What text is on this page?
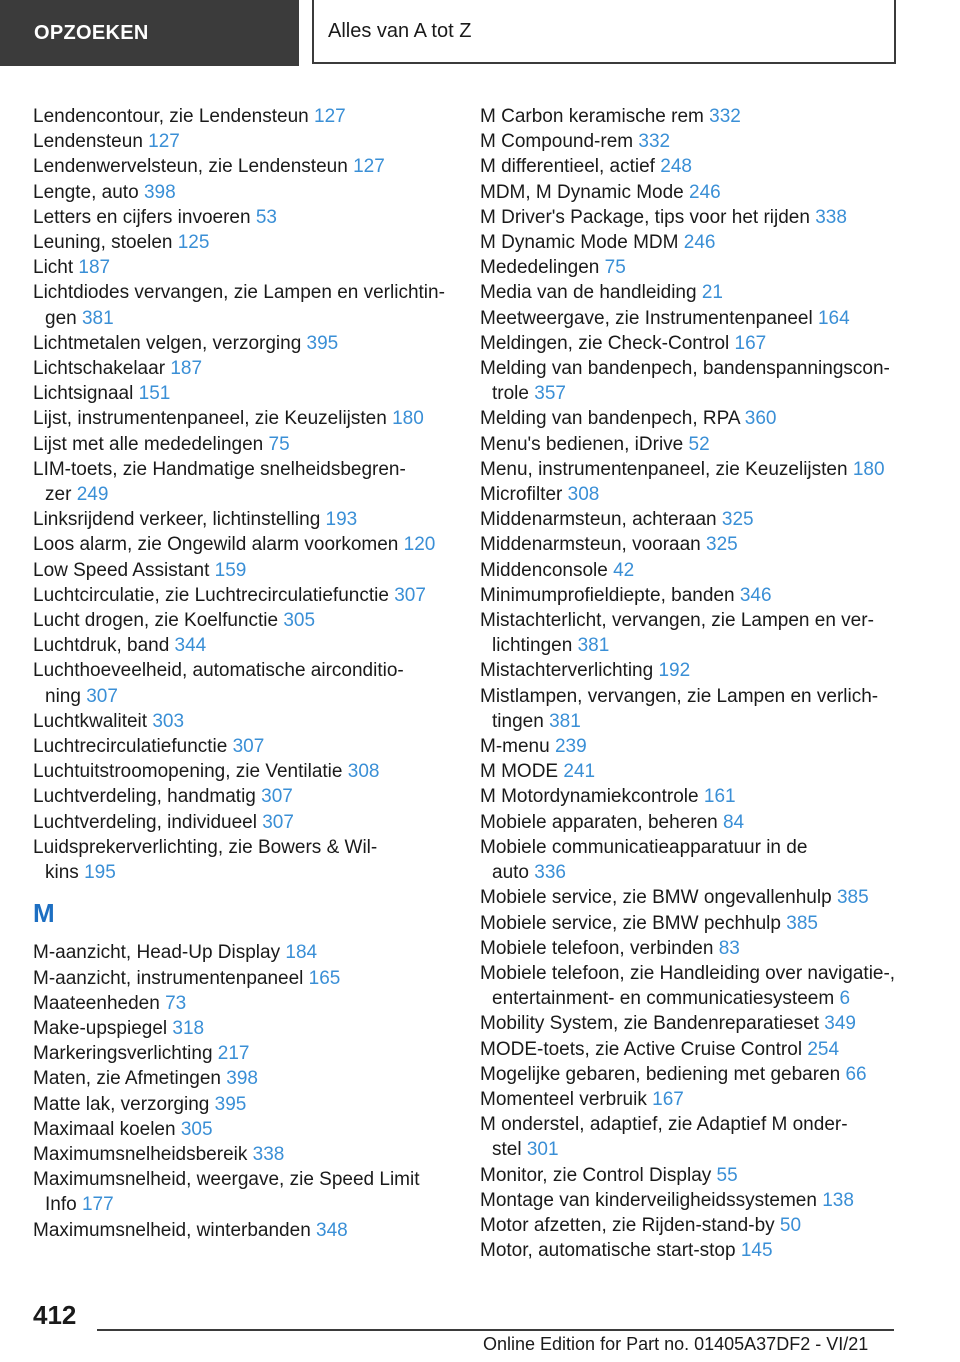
OPZOEKEN	Alles van A tot Z
Lendencontour, zie Lendensteun 127
Lendensteun 127
Lendenwervelsteun, zie Lendensteun 127
Lengte, auto 398
Letters en cijfers invoeren 53
Leuning, stoelen 125
Licht 187
Lichtdiodes vervangen, zie Lampen en verlichtin‐
gen 381
Lichtmetalen velgen, verzorging 395
Lichtschakelaar 187
Lichtsignaal 151
Lijst, instrumentenpaneel, zie Keuzelijsten 180
Lijst met alle mededelingen 75
LIM-toets, zie Handmatige snelheidsbegren‐
zer 249
Linksrijdend verkeer, lichtinstelling 193
Loos alarm, zie Ongewild alarm voorkomen 120
Low Speed Assistant 159
Luchtcirculatie, zie Luchtrecirculatiefunctie 307
Lucht drogen, zie Koelfunctie 305
Luchtdruk, band 344
Luchthoeveelheid, automatische airconditio‐
ning 307
Luchtkwaliteit 303
Luchtrecirculatiefunctie 307
Luchtuitstroomopening, zie Ventilatie 308
Luchtverdeling, handmatig 307
Luchtverdeling, individueel 307
Luidsprekerverlichting, zie Bowers & Wil‐
kins 195
M
M-aanzicht, Head-Up Display 184
M-aanzicht, instrumentenpaneel 165
Maateenheden 73
Make-upspiegel 318
Markeringsverlichting 217
Maten, zie Afmetingen 398
Matte lak, verzorging 395
Maximaal koelen 305
Maximumsnelheidsbereik 338
Maximumsnelheid, weergave, zie Speed Limit
Info 177
Maximumsnelheid, winterbanden 348
M Carbon keramische rem 332
M Compound-rem 332
M differentieel, actief 248
MDM, M Dynamic Mode 246
M Driver's Package, tips voor het rijden 338
M Dynamic Mode MDM 246
Mededelingen 75
Media van de handleiding 21
Meetweergave, zie Instrumentenpaneel 164
Meldingen, zie Check-Control 167
Melding van bandenpech, bandenspanningscon‐
trole 357
Melding van bandenpech, RPA 360
Menu's bedienen, iDrive 52
Menu, instrumentenpaneel, zie Keuzelijsten 180
Microfilter 308
Middenarmsteun, achteraan 325
Middenarmsteun, vooraan 325
Middenconsole 42
Minimumprofieldiepte, banden 346
Mistachterlicht, vervangen, zie Lampen en ver‐
lichtingen 381
Mistachterverlichting 192
Mistlampen, vervangen, zie Lampen en verlich‐
tingen 381
M-menu 239
M MODE 241
M Motordynamiekcontrole 161
Mobiele apparaten, beheren 84
Mobiele communicatieapparatuur in de
auto 336
Mobiele service, zie BMW ongevallenhulp 385
Mobiele service, zie BMW pechhulp 385
Mobiele telefoon, verbinden 83
Mobiele telefoon, zie Handleiding over navigatie-,
entertainment- en communicatiesysteem 6
Mobility System, zie Bandenreparatieset 349
MODE-toets, zie Active Cruise Control 254
Mogelijke gebaren, bediening met gebaren 66
Momenteel verbruik 167
M onderstel, adaptief, zie Adaptief M onder‐
stel 301
Monitor, zie Control Display 55
Montage van kinderveiligheidssystemen 138
Motor afzetten, zie Rijden-stand-by 50
Motor, automatische start-stop 145
412
Online Edition for Part no. 01405A37DF2 - VI/21
